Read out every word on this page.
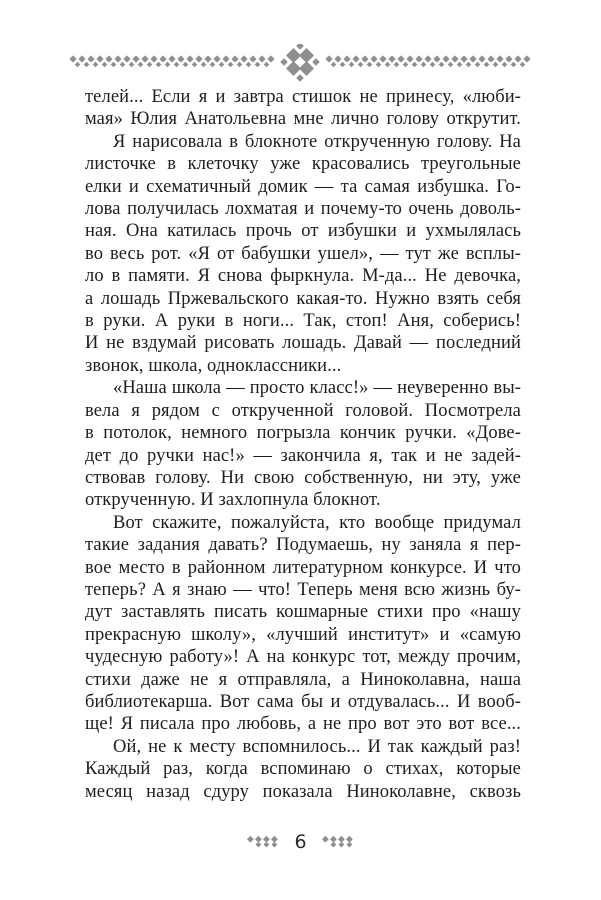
телей... Если я и завтра стишок не принесу, «люби-
мая» Юлия Анатольевна мне лично голову открутит.
Я нарисовала в блокноте открученную голову. На
листочке в клеточку уже красовались треугольные
елки и схематичный домик — та самая избушка. Го-
лова получилась лохматая и почему-то очень доволь-
ная. Она катилась прочь от избушки и ухмылялась
во весь рот. «Я от бабушки ушел», — тут же всплы-
ло в памяти. Я снова фыркнула. М-да... Не девочка,
а лошадь Пржевальского какая-то. Нужно взять себя
в руки. А руки в ноги... Так, стоп! Аня, соберись!
И не вздумай рисовать лошадь. Давай — последний
звонок, школа, одноклассники...
«Наша школа — просто класс!» — неуверенно вы-
вела я рядом с открученной головой. Посмотрела
в потолок, немного погрызла кончик ручки. «Дове-
дет до ручки нас!» — закончила я, так и не задей-
ствовав голову. Ни свою собственную, ни эту, уже
открученную. И захлопнула блокнот.
Вот скажите, пожалуйста, кто вообще придумал
такие задания давать? Подумаешь, ну заняла я пер-
вое место в районном литературном конкурсе. И что
теперь? А я знаю — что! Теперь меня всю жизнь бу-
дут заставлять писать кошмарные стихи про «нашу
прекрасную школу», «лучший институт» и «самую
чудесную работу»! А на конкурс тот, между прочим,
стихи даже не я отправляла, а Ниноколавна, наша
библиотекарша. Вот сама бы и отдувалась... И вооб-
ще! Я писала про любовь, а не про вот это вот все...
Ой, не к месту вспомнилось... И так каждый раз!
Каждый раз, когда вспоминаю о стихах, которые
месяц назад сдуру показала Ниноколавне, сквозь
6
